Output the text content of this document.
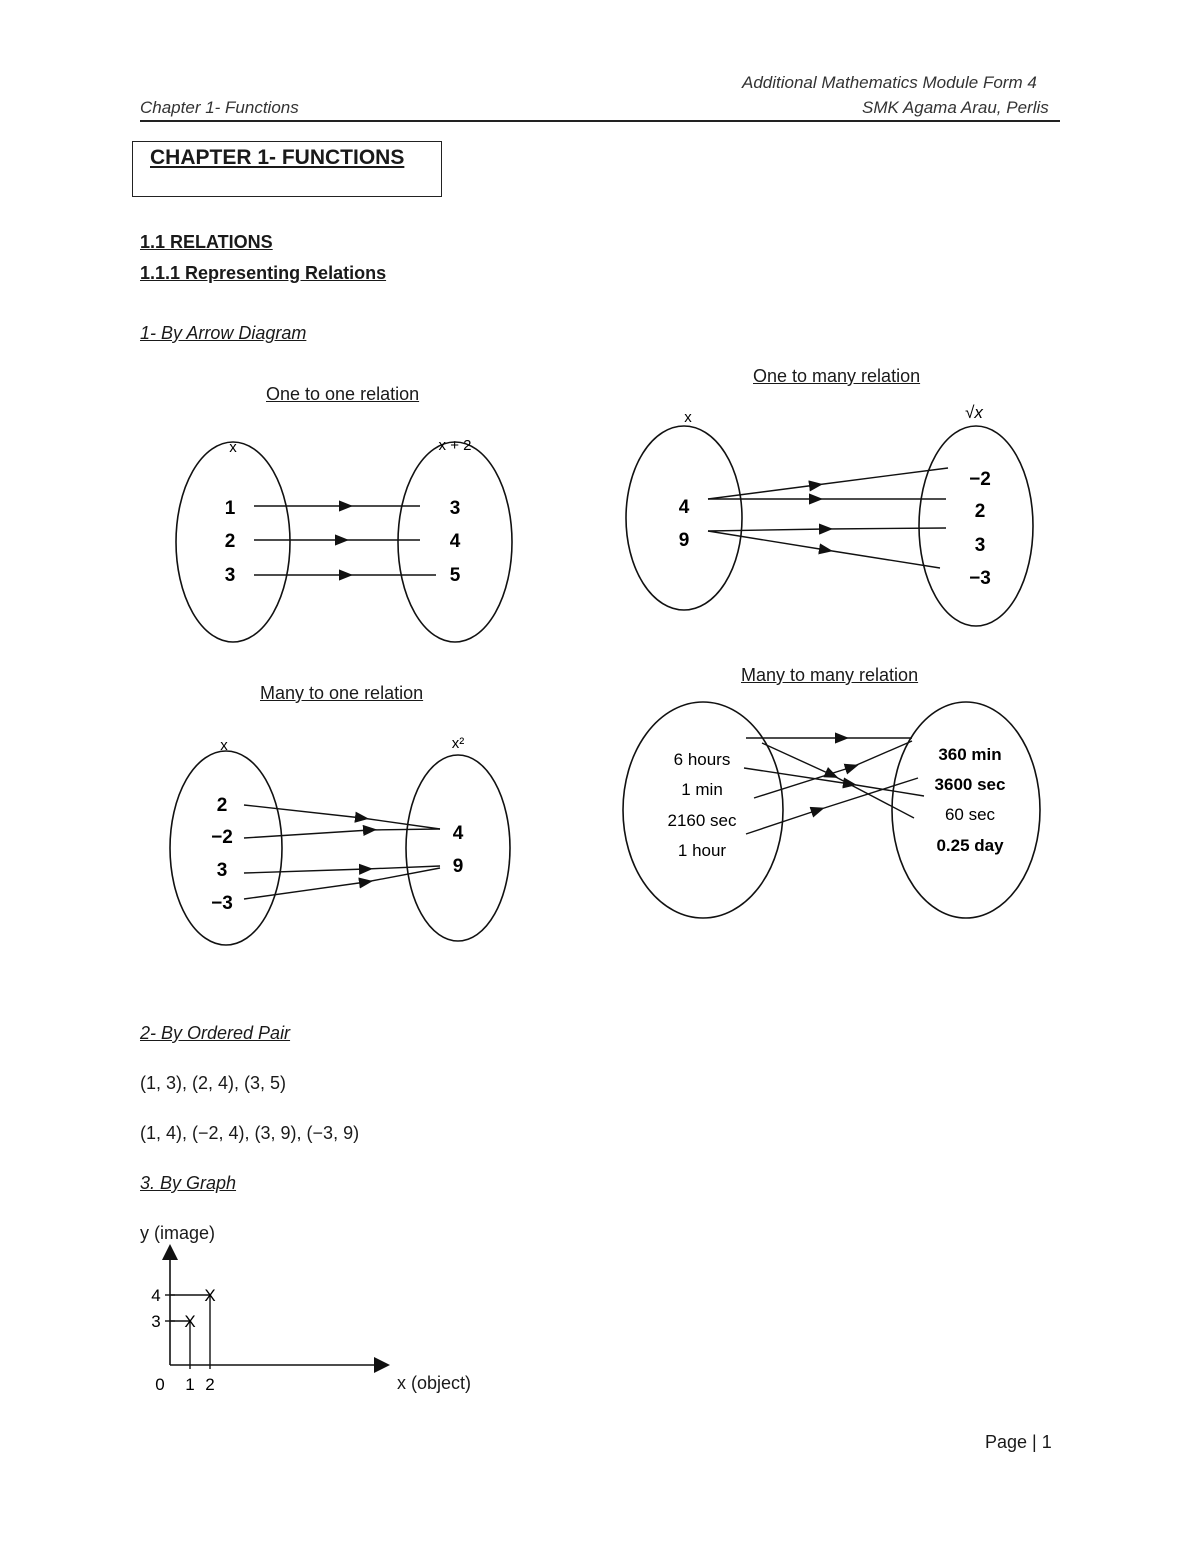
Additional Mathematics Module Form 4
Chapter 1- Functions	SMK Agama Arau, Perlis
CHAPTER 1- FUNCTIONS
1.1 RELATIONS
1.1.1 Representing Relations
1- By Arrow Diagram
One to one relation
One to many relation
Many to one relation
Many to many relation
x	x + 2
1
2
3
3
4
5
x	√x
4
9
−2
2
3
−3
x	x²
2
−2
3
−3
4
9
6 hours
1 min
2160 sec
1 hour
360 min
3600 sec
60 sec
0.25 day
2- By Ordered Pair
(1, 3), (2, 4), (3, 5)
(1, 4), (−2, 4), (3, 9), (−3, 9)
3. By Graph
y (image)
x (object)
0 1 2
3
4
X
X
Page | 1
